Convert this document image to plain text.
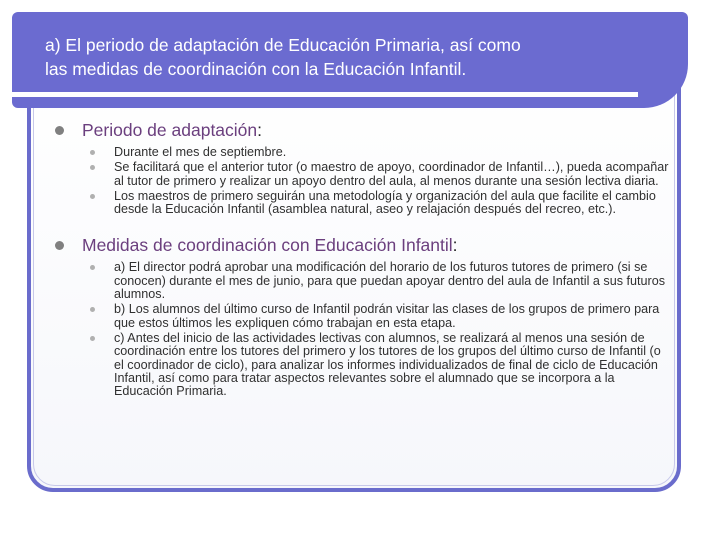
a) El periodo de adaptación de Educación Primaria, así como
las medidas de coordinación con la Educación Infantil.
Periodo de adaptación:
Durante el mes de septiembre.
Se facilitará que el anterior tutor (o maestro de apoyo, coordinador de Infantil…), pueda acompañar al tutor de primero y realizar un apoyo dentro del aula, al menos durante una sesión lectiva diaria.
Los maestros de primero seguirán una metodología y organización del aula que facilite el cambio desde la Educación Infantil (asamblea natural, aseo y relajación después del recreo, etc.).
Medidas de coordinación con Educación Infantil:
a) El director podrá aprobar una modificación del horario de los futuros tutores de primero (si se conocen) durante el mes de junio, para que puedan apoyar dentro del aula de Infantil a sus futuros alumnos.
b) Los alumnos del último curso de Infantil podrán visitar las clases de los grupos de primero para que estos últimos les expliquen cómo trabajan en esta etapa.
c) Antes del inicio de las actividades lectivas con alumnos, se realizará al menos una sesión de coordinación entre los tutores del primero y los tutores de los grupos del último curso de Infantil (o el coordinador de ciclo), para analizar los informes individualizados de final de ciclo de Educación Infantil, así como para tratar aspectos relevantes sobre el alumnado que se incorpora a la Educación Primaria.
